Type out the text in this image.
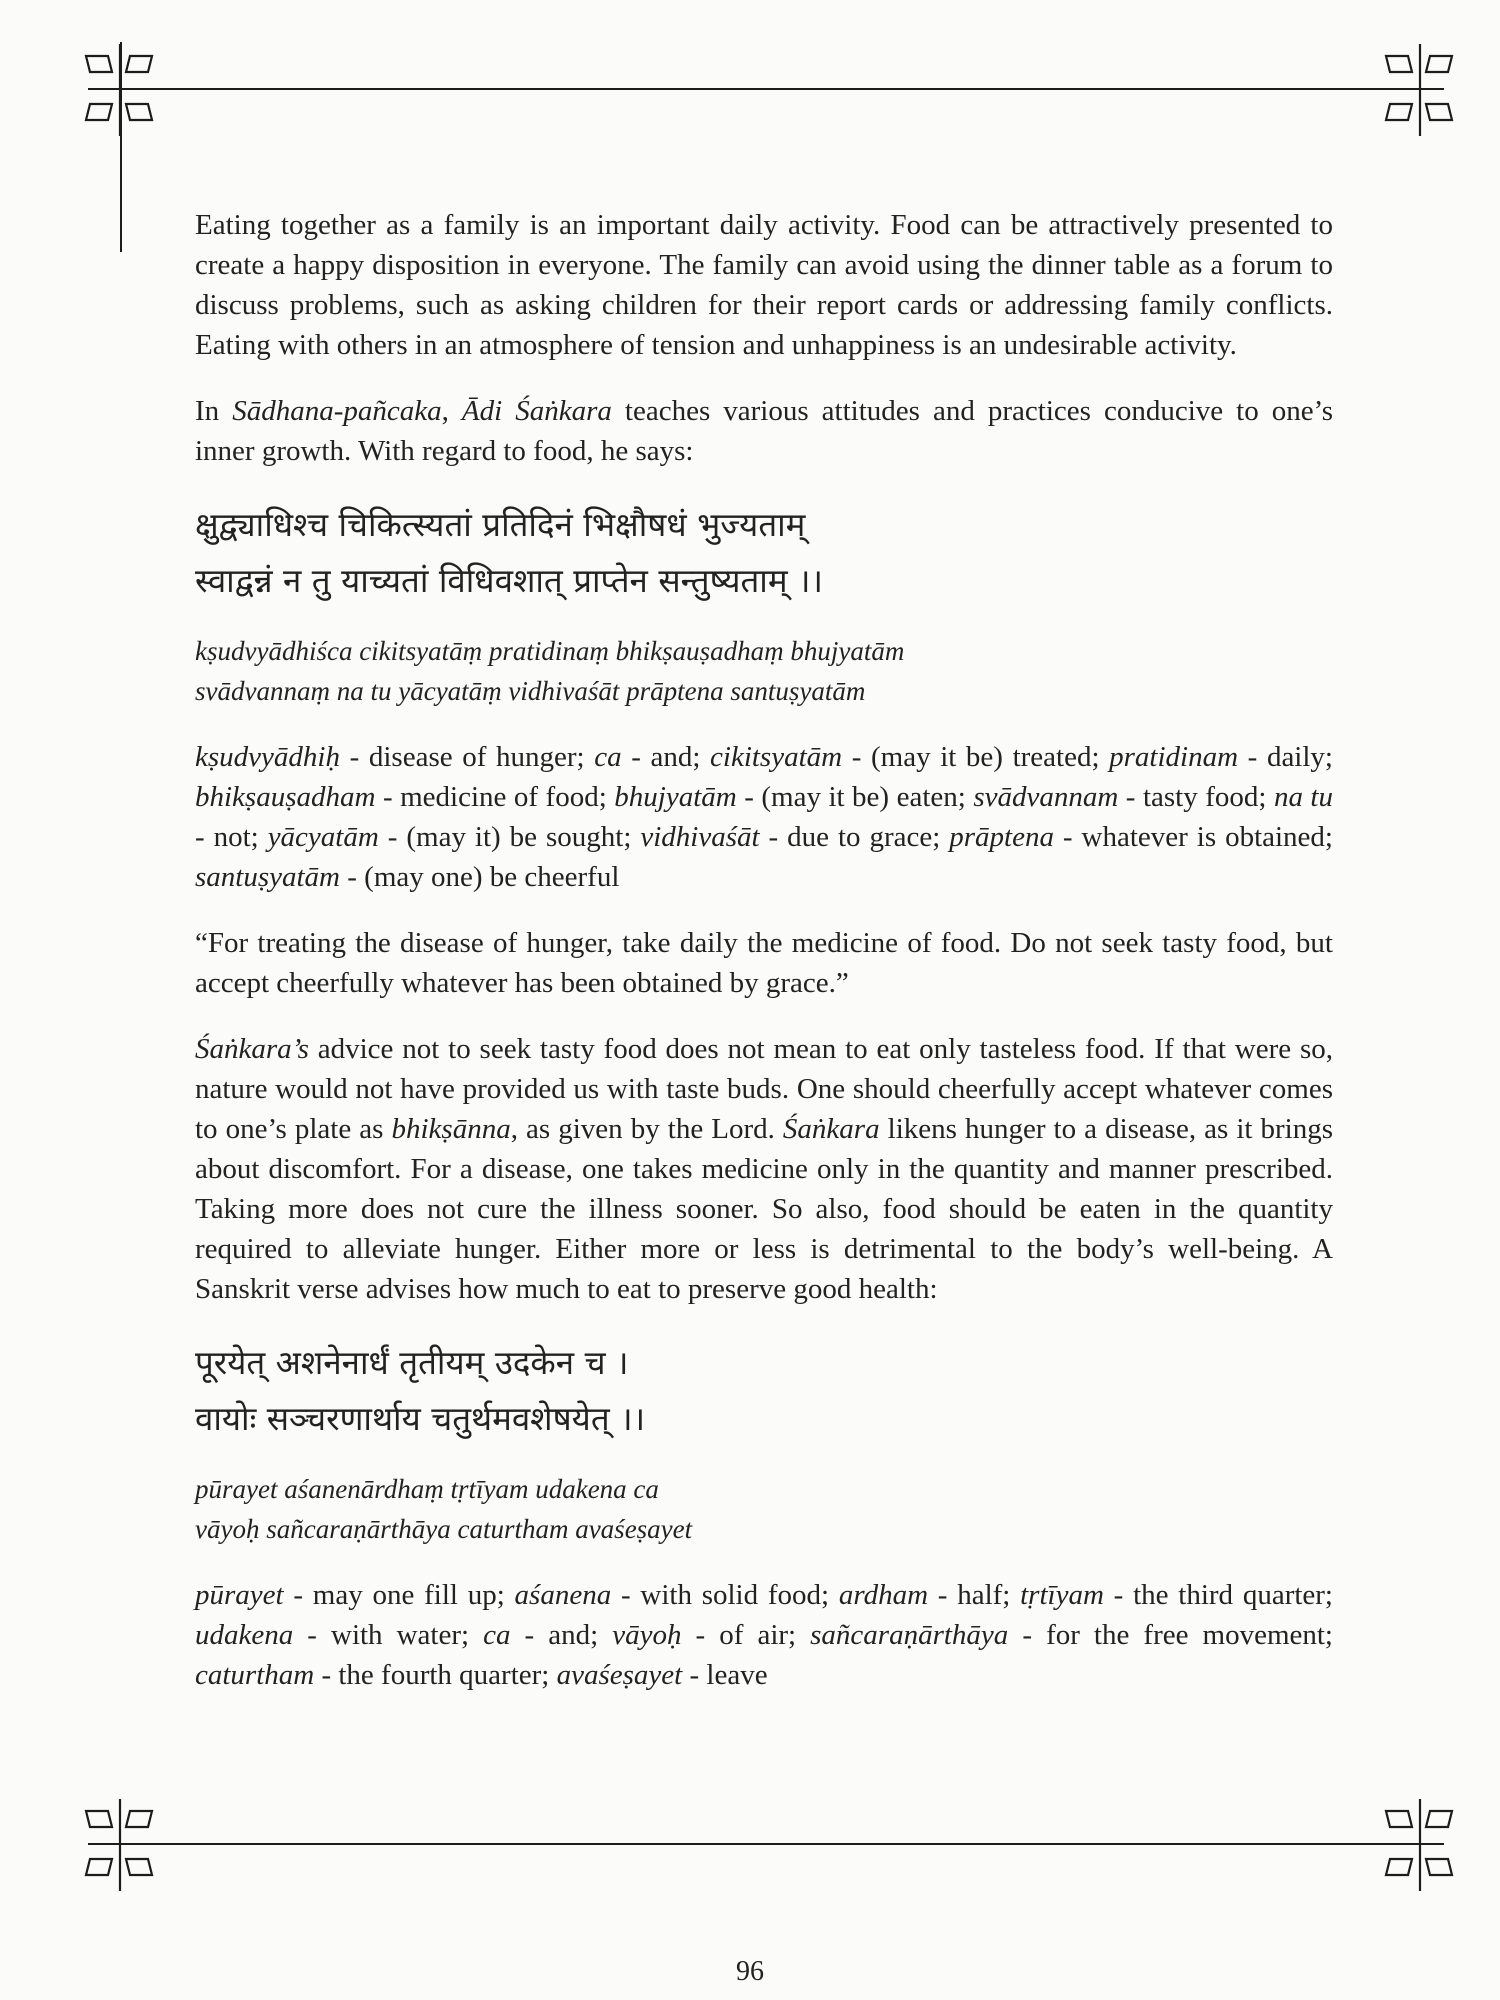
Eating together as a family is an important daily activity. Food can be attractively presented to create a happy disposition in everyone. The family can avoid using the dinner table as a forum to discuss problems, such as asking children for their report cards or addressing family conflicts. Eating with others in an atmosphere of tension and unhappiness is an undesirable activity.

In Sādhana-pañcaka, Ādi Śaṅkara teaches various attitudes and practices conducive to one’s inner growth. With regard to food, he says:

क्षुद्व्याधिश्च चिकित्स्यतां प्रतिदिनं भिक्षौषधं भुज्यताम्
स्वाद्वन्नं न तु याच्यतां विधिवशात् प्राप्तेन सन्तुष्यताम् ।।

kṣudvyādhiśca cikitsyatāṃ pratidinaṃ bhikṣauṣadhaṃ bhujyatām
svādvannaṃ na tu yācyatāṃ vidhivaśāt prāptena santuṣyatām

kṣudvyādhiḥ - disease of hunger; ca - and; cikitsyatām - (may it be) treated; pratidinam - daily; bhikṣauṣadham - medicine of food; bhujyatām - (may it be) eaten; svādvannam - tasty food; na tu - not; yācyatām - (may it) be sought; vidhivaśāt - due to grace; prāptena - whatever is obtained; santuṣyatām - (may one) be cheerful

“For treating the disease of hunger, take daily the medicine of food. Do not seek tasty food, but accept cheerfully whatever has been obtained by grace.”

Śaṅkara’s advice not to seek tasty food does not mean to eat only tasteless food. If that were so, nature would not have provided us with taste buds. One should cheerfully accept whatever comes to one’s plate as bhikṣānna, as given by the Lord. Śaṅkara likens hunger to a disease, as it brings about discomfort. For a disease, one takes medicine only in the quantity and manner prescribed. Taking more does not cure the illness sooner. So also, food should be eaten in the quantity required to alleviate hunger. Either more or less is detrimental to the body’s well-being. A Sanskrit verse advises how much to eat to preserve good health:

पूरयेत् अशनेनार्धं तृतीयम् उदकेन च ।
वायोः सञ्चरणार्थाय चतुर्थमवशेषयेत् ।।

pūrayet aśanenārdhaṃ tṛtīyam udakena ca
vāyoḥ sañcaraṇārthāya caturtham avaśeṣayet

pūrayet - may one fill up; aśanena - with solid food; ardham - half; tṛtīyam - the third quarter; udakena - with water; ca - and; vāyoḥ - of air; sañcaraṇārthāya - for the free movement; caturtham - the fourth quarter; avaśeṣayet - leave

96
